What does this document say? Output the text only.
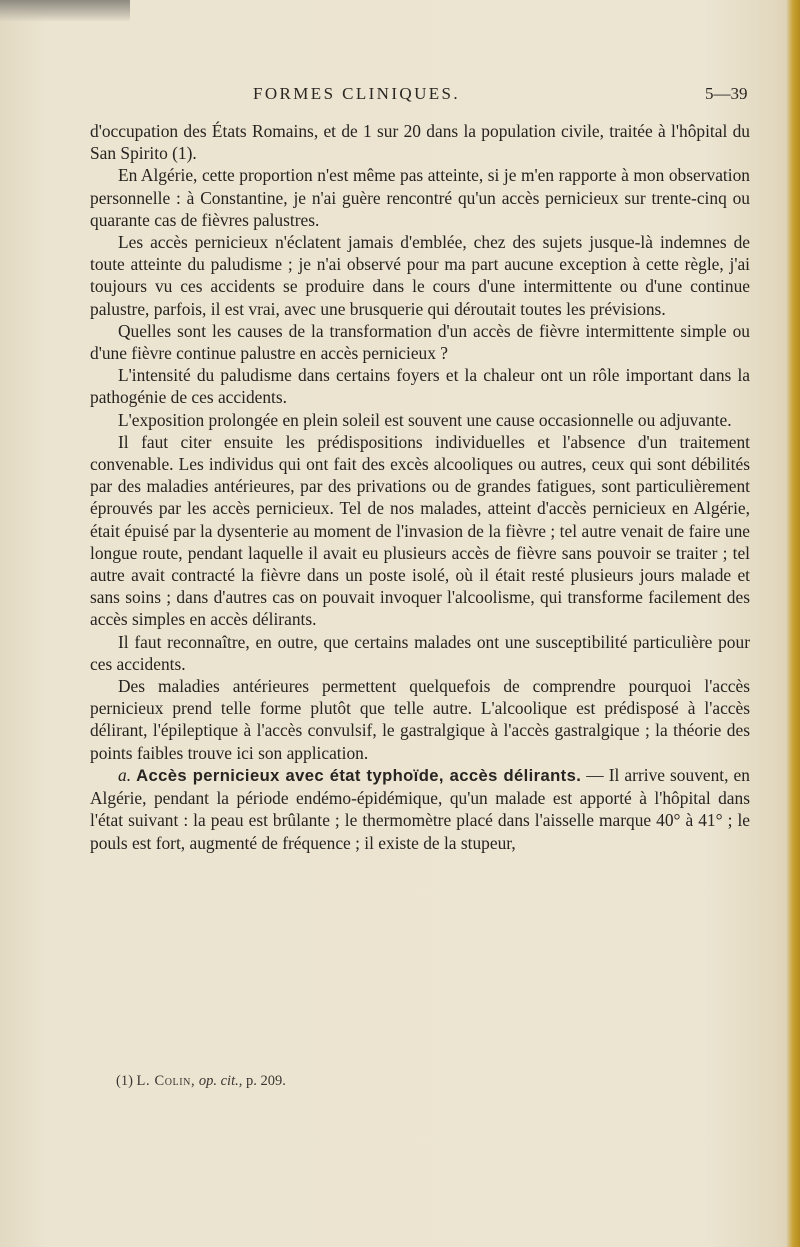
FORMES CLINIQUES.	5—39

d'occupation des États Romains, et de 1 sur 20 dans la population civile, traitée à l'hôpital du San Spirito (1).

En Algérie, cette proportion n'est même pas atteinte, si je m'en rapporte à mon observation personnelle : à Constantine, je n'ai guère rencontré qu'un accès pernicieux sur trente-cinq ou quarante cas de fièvres palustres.

Les accès pernicieux n'éclatent jamais d'emblée, chez des sujets jusque-là indemnes de toute atteinte du paludisme ; je n'ai observé pour ma part aucune exception à cette règle, j'ai toujours vu ces accidents se produire dans le cours d'une intermittente ou d'une continue palustre, parfois, il est vrai, avec une brusquerie qui déroutait toutes les prévisions.

Quelles sont les causes de la transformation d'un accès de fièvre intermittente simple ou d'une fièvre continue palustre en accès pernicieux ?

L'intensité du paludisme dans certains foyers et la chaleur ont un rôle important dans la pathogénie de ces accidents.

L'exposition prolongée en plein soleil est souvent une cause occasionnelle ou adjuvante.

Il faut citer ensuite les prédispositions individuelles et l'absence d'un traitement convenable. Les individus qui ont fait des excès alcooliques ou autres, ceux qui sont débilités par des maladies antérieures, par des privations ou de grandes fatigues, sont particulièrement éprouvés par les accès pernicieux. Tel de nos malades, atteint d'accès pernicieux en Algérie, était épuisé par la dysenterie au moment de l'invasion de la fièvre ; tel autre venait de faire une longue route, pendant laquelle il avait eu plusieurs accès de fièvre sans pouvoir se traiter ; tel autre avait contracté la fièvre dans un poste isolé, où il était resté plusieurs jours malade et sans soins ; dans d'autres cas on pouvait invoquer l'alcoolisme, qui transforme facilement des accès simples en accès délirants.

Il faut reconnaître, en outre, que certains malades ont une susceptibilité particulière pour ces accidents.

Des maladies antérieures permettent quelquefois de comprendre pourquoi l'accès pernicieux prend telle forme plutôt que telle autre. L'alcoolique est prédisposé à l'accès délirant, l'épileptique à l'accès convulsif, le gastralgique à l'accès gastralgique ; la théorie des points faibles trouve ici son application.

a. Accès pernicieux avec état typhoïde, accès délirants. — Il arrive souvent, en Algérie, pendant la période endémo-épidémique, qu'un malade est apporté à l'hôpital dans l'état suivant : la peau est brûlante ; le thermomètre placé dans l'aisselle marque 40° à 41° ; le pouls est fort, augmenté de fréquence ; il existe de la stupeur,

(1) L. Colin, op. cit., p. 209.
